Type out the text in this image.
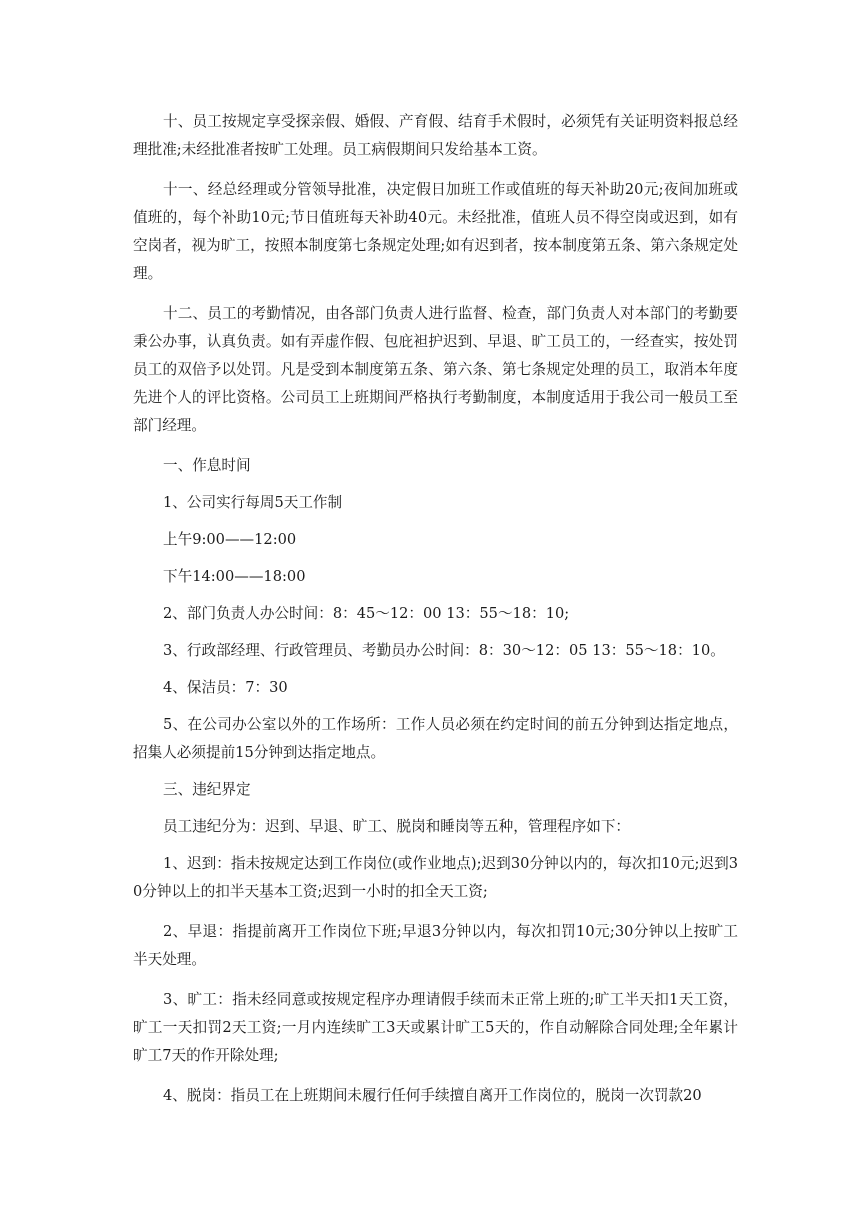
十、员工按规定享受探亲假、婚假、产育假、结育手术假时，必须凭有关证明资料报总经理批准;未经批准者按旷工处理。员工病假期间只发给基本工资。

十一、经总经理或分管领导批准，决定假日加班工作或值班的每天补助20元;夜间加班或值班的，每个补助10元;节日值班每天补助40元。未经批准，值班人员不得空岗或迟到，如有空岗者，视为旷工，按照本制度第七条规定处理;如有迟到者，按本制度第五条、第六条规定处理。

十二、员工的考勤情况，由各部门负责人进行监督、检查，部门负责人对本部门的考勤要秉公办事，认真负责。如有弄虚作假、包庇袒护迟到、早退、旷工员工的，一经查实，按处罚员工的双倍予以处罚。凡是受到本制度第五条、第六条、第七条规定处理的员工，取消本年度先进个人的评比资格。公司员工上班期间严格执行考勤制度，本制度适用于我公司一般员工至部门经理。

一、作息时间

1、公司实行每周5天工作制

上午9:00——12:00

下午14:00——18:00

2、部门负责人办公时间：8：45～12：00 13：55～18：10;

3、行政部经理、行政管理员、考勤员办公时间：8：30～12：05 13：55～18：10。

4、保洁员：7：30

5、在公司办公室以外的工作场所：工作人员必须在约定时间的前五分钟到达指定地点，招集人必须提前15分钟到达指定地点。

三、违纪界定

员工违纪分为：迟到、早退、旷工、脱岗和睡岗等五种，管理程序如下：

1、迟到：指未按规定达到工作岗位(或作业地点);迟到30分钟以内的，每次扣10元;迟到30分钟以上的扣半天基本工资;迟到一小时的扣全天工资;

2、早退：指提前离开工作岗位下班;早退3分钟以内，每次扣罚10元;30分钟以上按旷工半天处理。

3、旷工：指未经同意或按规定程序办理请假手续而未正常上班的;旷工半天扣1天工资，旷工一天扣罚2天工资;一月内连续旷工3天或累计旷工5天的，作自动解除合同处理;全年累计旷工7天的作开除处理;

4、脱岗：指员工在上班期间未履行任何手续擅自离开工作岗位的，脱岗一次罚款20
